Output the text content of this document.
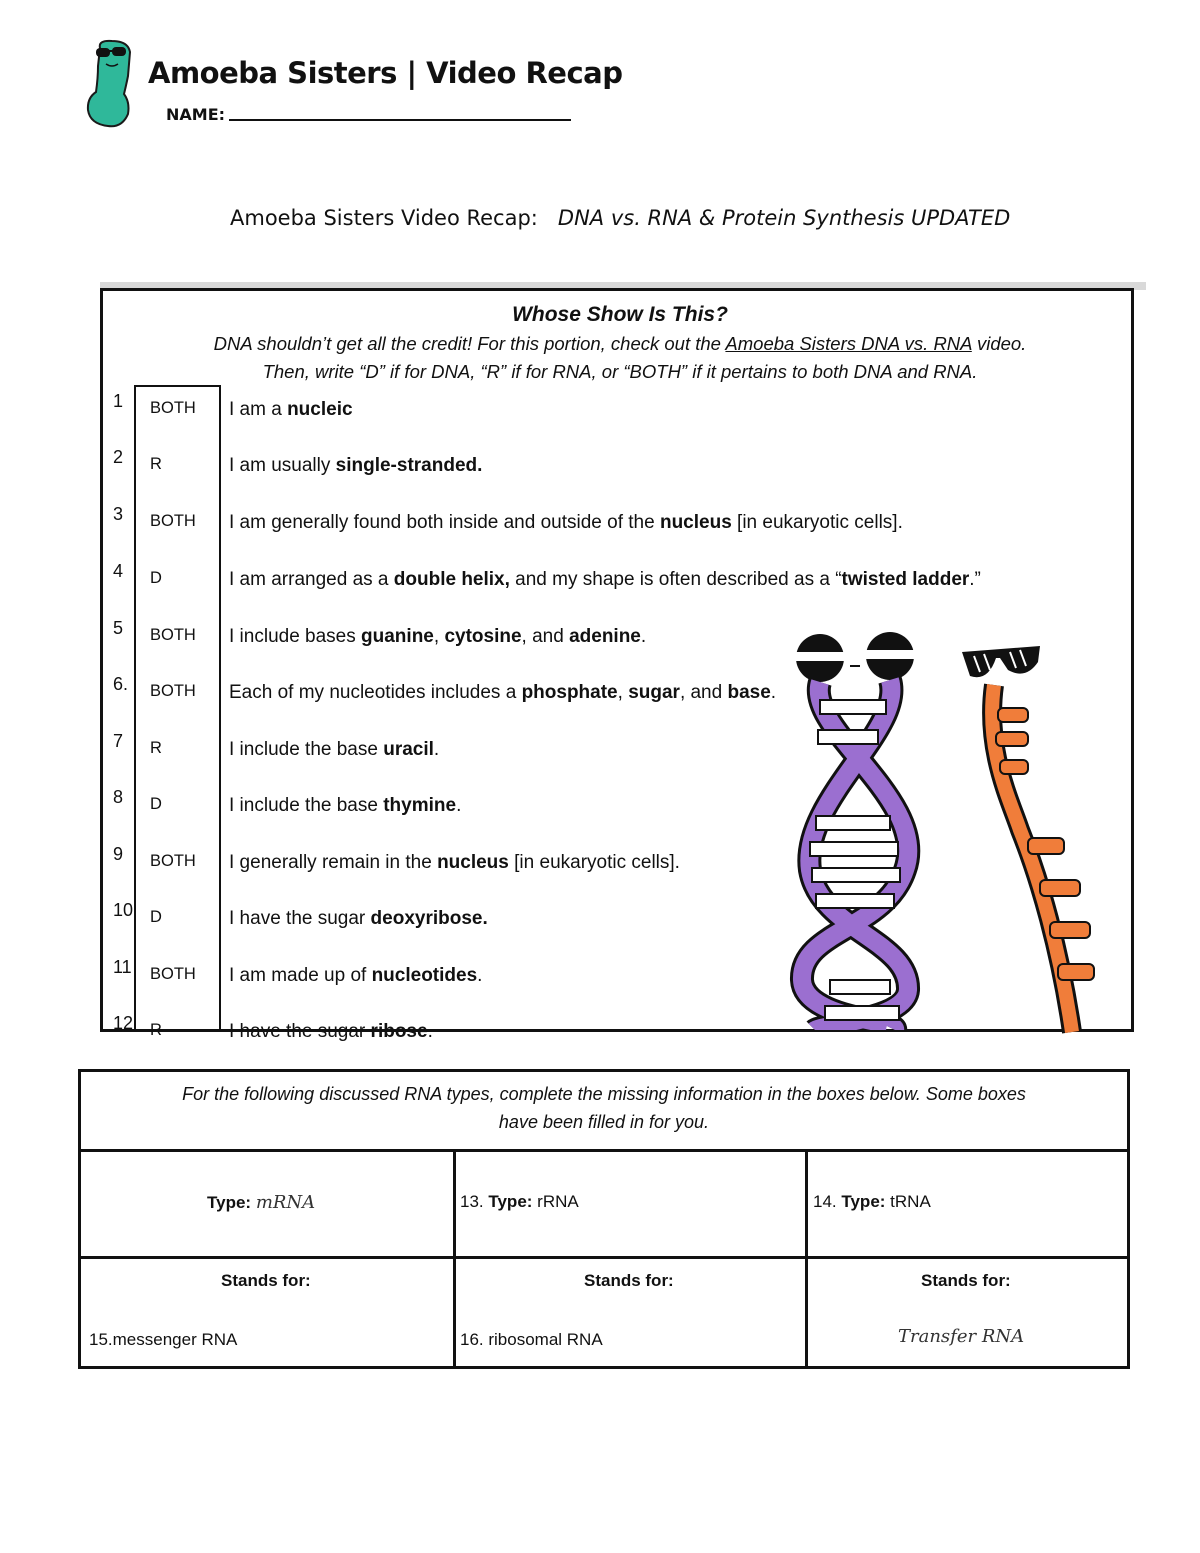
Amoeba Sisters | Video Recap
NAME:
Amoeba Sisters Video Recap: DNA vs. RNA & Protein Synthesis UPDATED
Whose Show Is This?
DNA shouldn’t get all the credit! For this portion, check out the Amoeba Sisters DNA vs. RNA video.
Then, write “D” if for DNA, “R” if for RNA, or “BOTH” if it pertains to both DNA and RNA.
1 BOTH I am a nucleic
2 R	I am usually single-stranded.
3 BOTH I am generally found both inside and outside of the nucleus [in eukaryotic cells].
4 D	I am arranged as a double helix, and my shape is often described as a “twisted ladder.”
5 BOTH I include bases guanine, cytosine, and adenine.
6. BOTH Each of my nucleotides includes a phosphate, sugar, and base.
7 R	I include the base uracil.
8 D	I include the base thymine.
9 BOTH I generally remain in the nucleus [in eukaryotic cells].
10 D	I have the sugar deoxyribose.
11 BOTH I am made up of nucleotides.
12 R	I have the sugar ribose.
For the following discussed RNA types, complete the missing information in the boxes below. Some boxes
have been filled in for you.
Type: mRNA
Stands for:
15.messenger RNA
13. Type: rRNA
Stands for:
16. ribosomal RNA
14. Type: tRNA
Stands for:
Transfer RNA
